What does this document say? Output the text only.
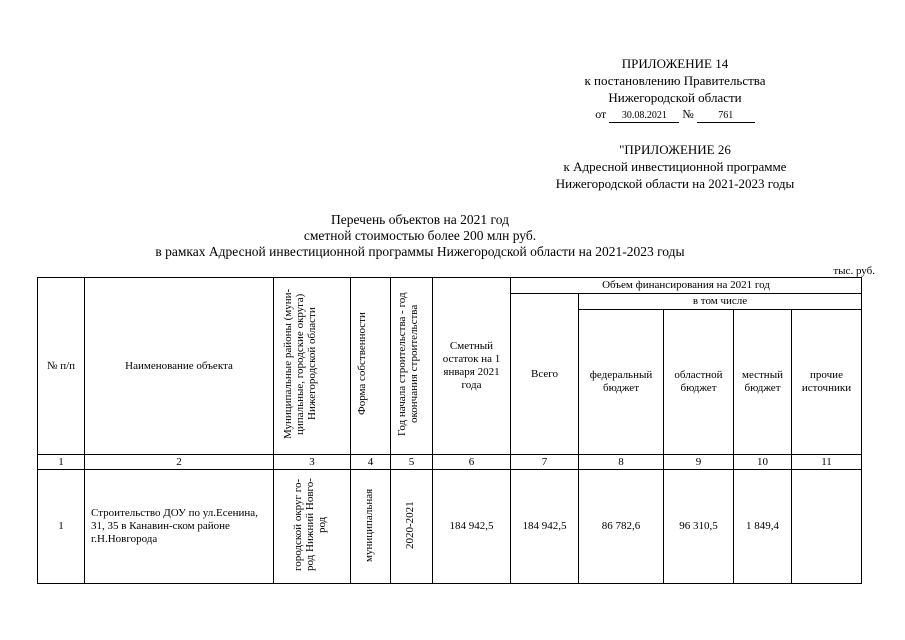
ПРИЛОЖЕНИЕ 14
к постановлению Правительства
Нижегородской области
от 30.08.2021 № 761
"ПРИЛОЖЕНИЕ 26
к Адресной инвестиционной программе
Нижегородской области на 2021-2023 годы
Перечень объектов на 2021 год
сметной стоимостью более 200 млн руб.
в рамках Адресной инвестиционной программы Нижегородской области на 2021-2023 годы
тыс. руб.
№ п/п	Наименование объекта	Муниципальные районы (муни-ципальные, городские округа) Нижегородской области	Форма собственности	Год начала строительства - год окончания строительства	Сметный остаток на 1 января 2021 года	Объем финансирования на 2021 год				
						Всего	в том числе			
							федеральный бюджет	областной бюджет	местный бюджет	прочие источники
1	2	3	4	5	6	7	8	9	10	11
1	Строительство ДОУ по ул.Есенина, 31, 35 в Канавин-ском районе г.Н.Новгорода	городской округ го-род Нижний Новго-род	муниципальная	2020-2021	184 942,5	184 942,5	86 782,6	96 310,5	1 849,4	
